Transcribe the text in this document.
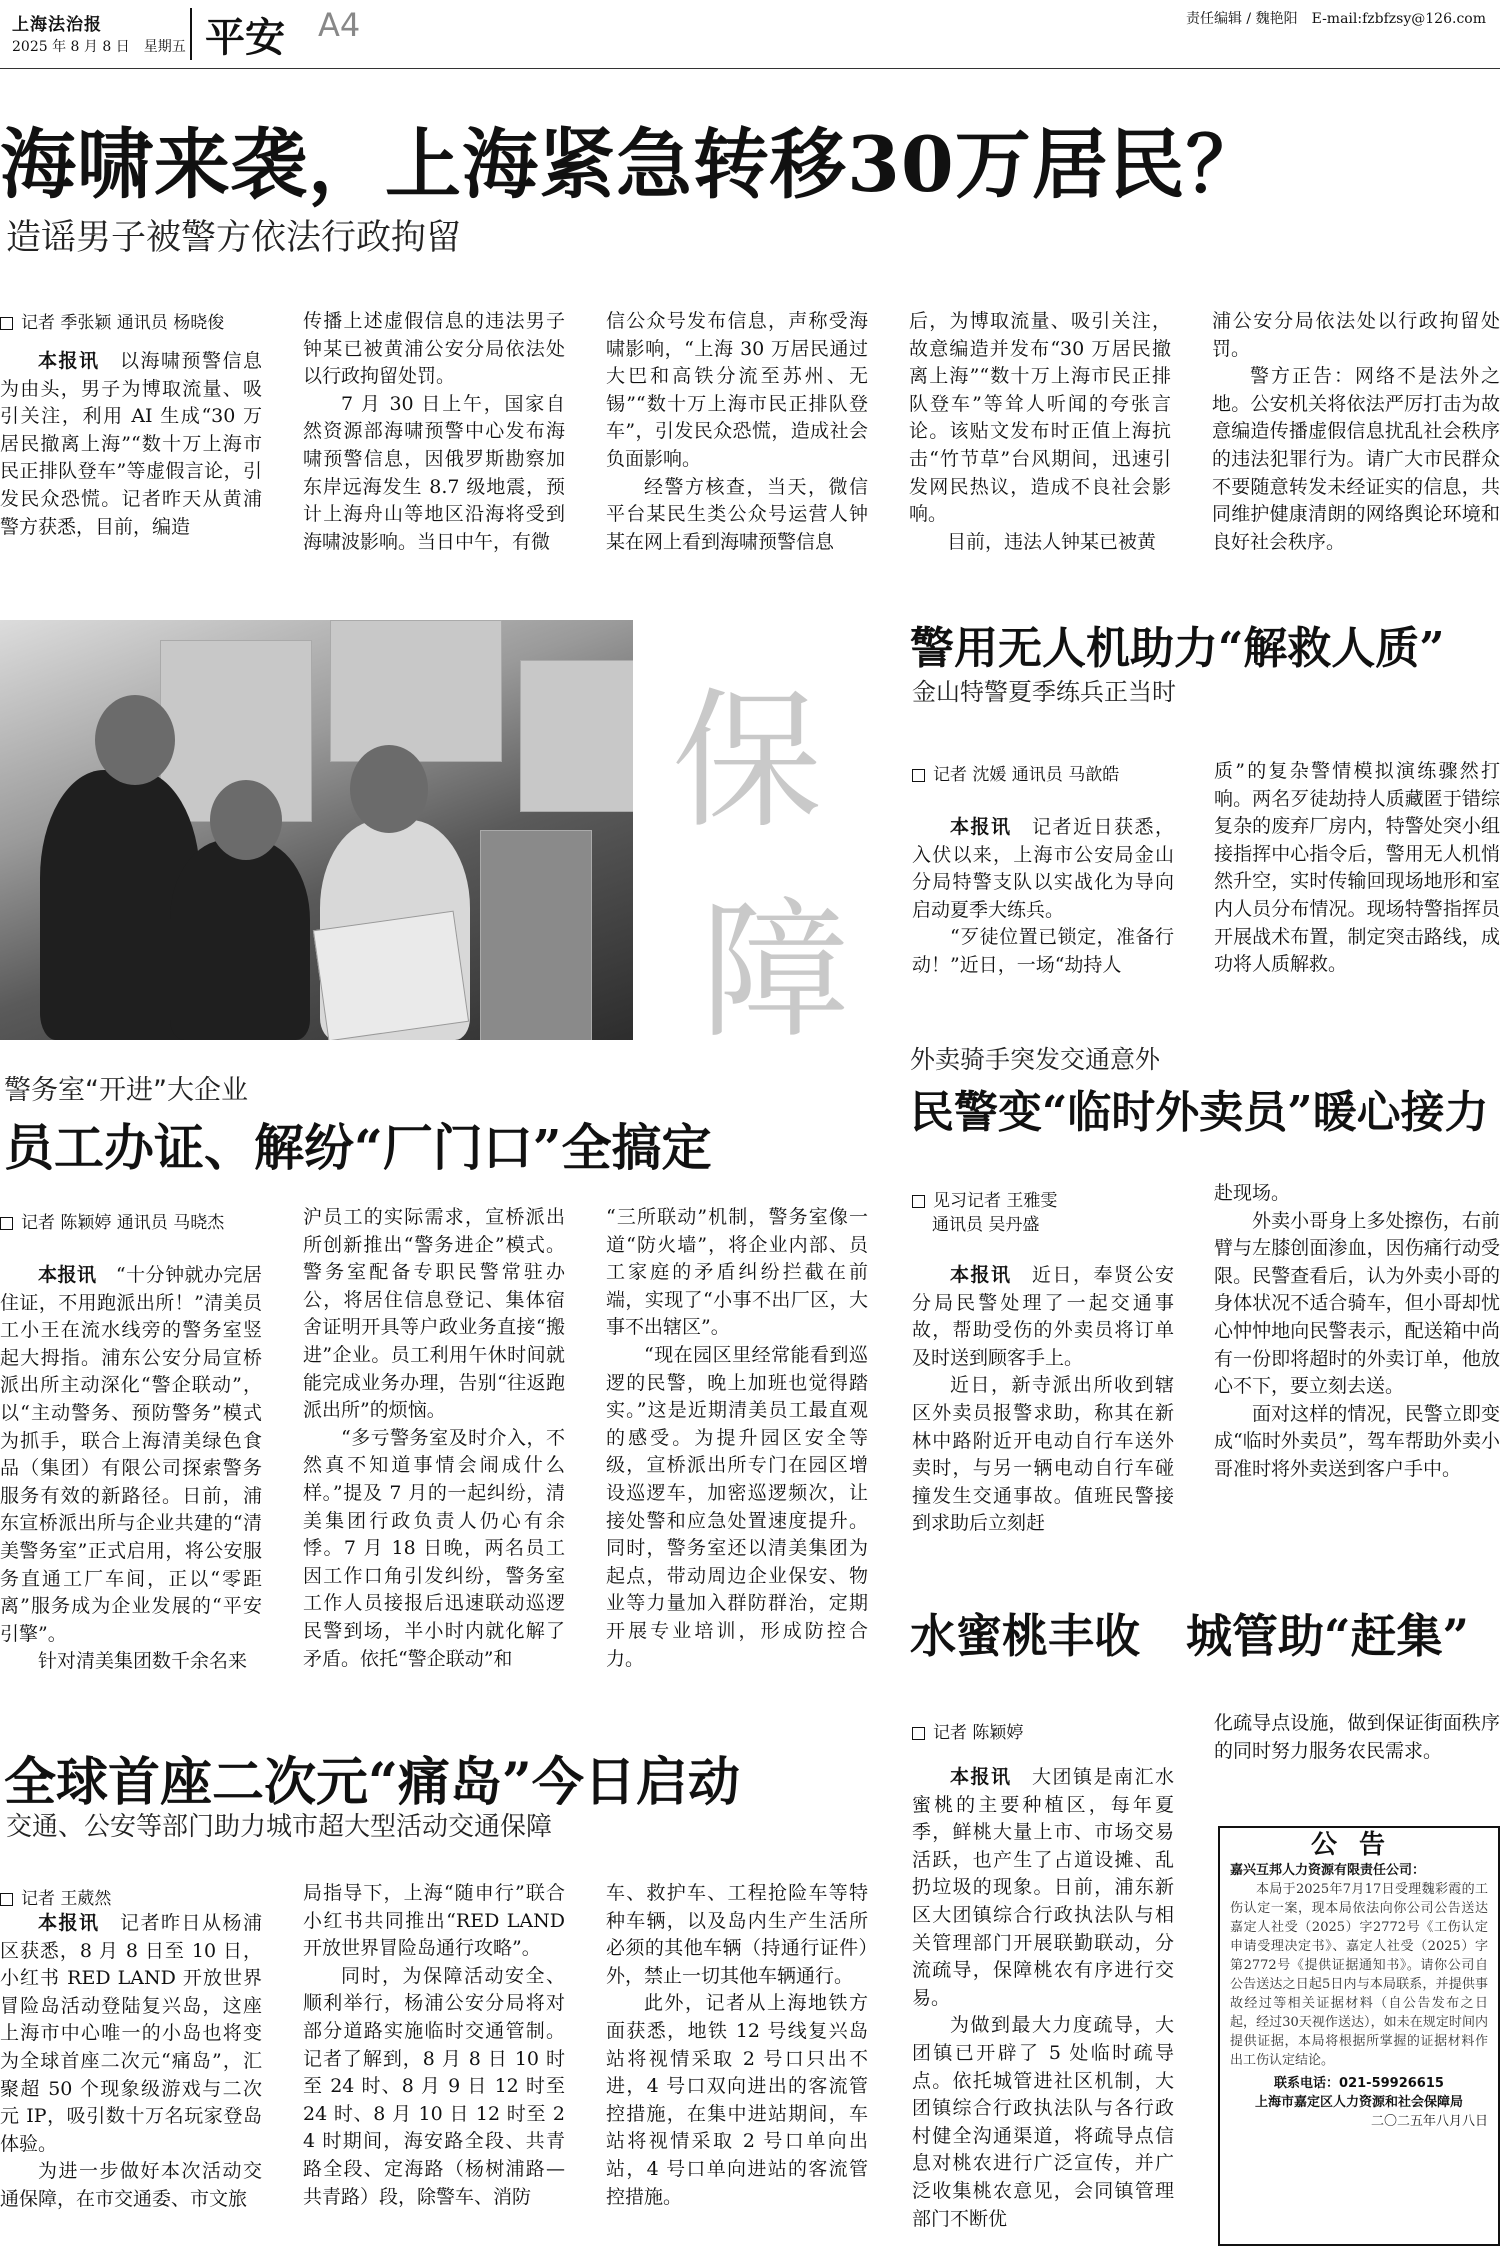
上海法治报
2025 年 8 月 8 日　星期五 平安 A4	责任编辑 / 魏艳阳　E-mail:fzbfzsy@126.com
海啸来袭，上海紧急转移30万居民？
造谣男子被警方依法行政拘留
记者 季张颖 通讯员 杨晓俊

本报讯　 以海啸预警信息为由头，男子为博取流量、吸引关注，利用 AI 生成“30 万居民撤离上海”“数十万上海市民正排队登车”等虚假言论，引发民众恐慌。记者昨天从黄浦警方获悉，目前，编造

传播上述虚假信息的违法男子钟某已被黄浦公安分局依法处以行政拘留处罚。

7 月 30 日上午，国家自然资源部海啸预警中心发布海啸预警信息，因俄罗斯勘察加东岸远海发生 8.7 级地震，预计上海舟山等地区沿海将受到海啸波影响。当日中午，有微

信公众号发布信息，声称受海啸影响，“上海 30 万居民通过大巴和高铁分流至苏州、无锡”“数十万上海市民正排队登车”，引发民众恐慌，造成社会负面影响。

经警方核查，当天，微信平台某民生类公众号运营人钟某在网上看到海啸预警信息

后，为博取流量、吸引关注，故意编造并发布“30 万居民撤离上海”“数十万上海市民正排队登车”等耸人听闻的夸张言论。该贴文发布时正值上海抗击“竹节草”台风期间，迅速引发网民热议，造成不良社会影响。

目前，违法人钟某已被黄

浦公安分局依法处以行政拘留处罚。

警方正告：网络不是法外之地。公安机关将依法严厉打击为故意编造传播虚假信息扰乱社会秩序的违法犯罪行为。请广大市民群众不要随意转发未经证实的信息，共同维护健康清朗的网络舆论环境和良好社会秩序。

保
障
警用无人机助力“解救人质”
金山特警夏季练兵正当时
记者 沈媛 通讯员 马歆皓

本报讯　 记者近日获悉，入伏以来，上海市公安局金山分局特警支队以实战化为导向启动夏季大练兵。

“歹徒位置已锁定，准备行动！”近日，一场“劫持人

质”的复杂警情模拟演练骤然打响。两名歹徒劫持人质藏匿于错综复杂的废弃厂房内，特警处突小组接指挥中心指令后，警用无人机悄然升空，实时传输回现场地形和室内人员分布情况。现场特警指挥员开展战术布置，制定突击路线，成功将人质解救。

警务室“开进”大企业
员工办证、解纷“厂门口”全搞定
记者 陈颖婷 通讯员 马晓杰

本报讯　 “十分钟就办完居住证，不用跑派出所！”清美员工小王在流水线旁的警务室竖起大拇指。浦东公安分局宣桥派出所主动深化“警企联动”，以“主动警务、预防警务”模式为抓手，联合上海清美绿色食品（集团）有限公司探索警务服务有效的新路径。日前，浦东宣桥派出所与企业共建的“清美警务室”正式启用，将公安服务直通工厂车间，正以“零距离”服务成为企业发展的“平安引擎”。

针对清美集团数千余名来

沪员工的实际需求，宣桥派出所创新推出“警务进企”模式。警务室配备专职民警常驻办公，将居住信息登记、集体宿舍证明开具等户政业务直接“搬进”企业。员工利用午休时间就能完成业务办理，告别“往返跑派出所”的烦恼。

“多亏警务室及时介入，不然真不知道事情会闹成什么样。”提及 7 月的一起纠纷，清美集团行政负责人仍心有余悸。7 月 18 日晚，两名员工因工作口角引发纠纷，警务室工作人员接报后迅速联动巡逻民警到场，半小时内就化解了矛盾。依托“警企联动”和

“三所联动”机制，警务室像一道“防火墙”，将企业内部、员工家庭的矛盾纠纷拦截在前端，实现了“小事不出厂区，大事不出辖区”。

“现在园区里经常能看到巡逻的民警，晚上加班也觉得踏实。”这是近期清美员工最直观的感受。为提升园区安全等级，宣桥派出所专门在园区增设巡逻车，加密巡逻频次，让接处警和应急处置速度提升。同时，警务室还以清美集团为起点，带动周边企业保安、物业等力量加入群防群治，定期开展专业培训，形成防控合力。

外卖骑手突发交通意外
民警变“临时外卖员”暖心接力
见习记者 王雅雯
通讯员 吴丹盛

本报讯　 近日，奉贤公安分局民警处理了一起交通事故，帮助受伤的外卖员将订单及时送到顾客手上。

近日，新寺派出所收到辖区外卖员报警求助，称其在新林中路附近开电动自行车送外卖时，与另一辆电动自行车碰撞发生交通事故。值班民警接到求助后立刻赶

赴现场。

外卖小哥身上多处擦伤，右前臂与左膝创面渗血，因伤痛行动受限。民警查看后，认为外卖小哥的身体状况不适合骑车，但小哥却忧心忡忡地向民警表示，配送箱中尚有一份即将超时的外卖订单，他放心不下，要立刻去送。

面对这样的情况，民警立即变成“临时外卖员”，驾车帮助外卖小哥准时将外卖送到客户手中。

全球首座二次元“痛岛”今日启动
交通、公安等部门助力城市超大型活动交通保障
记者 王葳然

本报讯　 记者昨日从杨浦区获悉，8 月 8 日至 10 日，小红书 RED LAND 开放世界冒险岛活动登陆复兴岛，这座上海市中心唯一的小岛也将变为全球首座二次元“痛岛”，汇聚超 50 个现象级游戏与二次元 IP，吸引数十万名玩家登岛体验。

为进一步做好本次活动交通保障，在市交通委、市文旅

局指导下，上海“随申行”联合小红书共同推出“RED LAND 开放世界冒险岛通行攻略”。

同时，为保障活动安全、顺利举行，杨浦公安分局将对部分道路实施临时交通管制。记者了解到，8 月 8 日 10 时至 24 时、8 月 9 日 12 时至 24 时、8 月 10 日 12 时至 24 时期间，海安路全段、共青路全段、定海路（杨树浦路—共青路）段，除警车、消防

车、救护车、工程抢险车等特种车辆，以及岛内生产生活所必须的其他车辆（持通行证件）外，禁止一切其他车辆通行。

此外，记者从上海地铁方面获悉，地铁 12 号线复兴岛站将视情采取 2 号口只出不进，4 号口双向进出的客流管控措施，在集中进站期间，车站将视情采取 2 号口单向出站，4 号口单向进站的客流管控措施。

水蜜桃丰收　城管助“赶集”
记者 陈颖婷

本报讯　 大团镇是南汇水蜜桃的主要种植区，每年夏季，鲜桃大量上市、市场交易活跃，也产生了占道设摊、乱扔垃圾的现象。日前，浦东新区大团镇综合行政执法队与相关管理部门开展联勤联动，分流疏导，保障桃农有序进行交易。

为做到最大力度疏导，大团镇已开辟了 5 处临时疏导点。依托城管进社区机制，大团镇综合行政执法队与各行政村健全沟通渠道，将疏导点信息对桃农进行广泛宣传，并广泛收集桃农意见，会同镇管理部门不断优

化疏导点设施，做到保证街面秩序的同时努力服务农民需求。

公告
嘉兴互邦人力资源有限责任公司：
本局于2025年7月17日受理魏彩霞的工伤认定一案，现本局依法向你公司公告送达嘉定人社受（2025）字2772号《工伤认定申请受理决定书》、嘉定人社受（2025）字第2772号《提供证据通知书》。请你公司自公告送达之日起5日内与本局联系，并提供事故经过等相关证据材料（自公告发布之日起，经过30天视作送达），如未在规定时间内提供证据，本局将根据所掌握的证据材料作出工伤认定结论。
联系电话：021-59926615
上海市嘉定区人力资源和社会保障局
二〇二五年八月八日
